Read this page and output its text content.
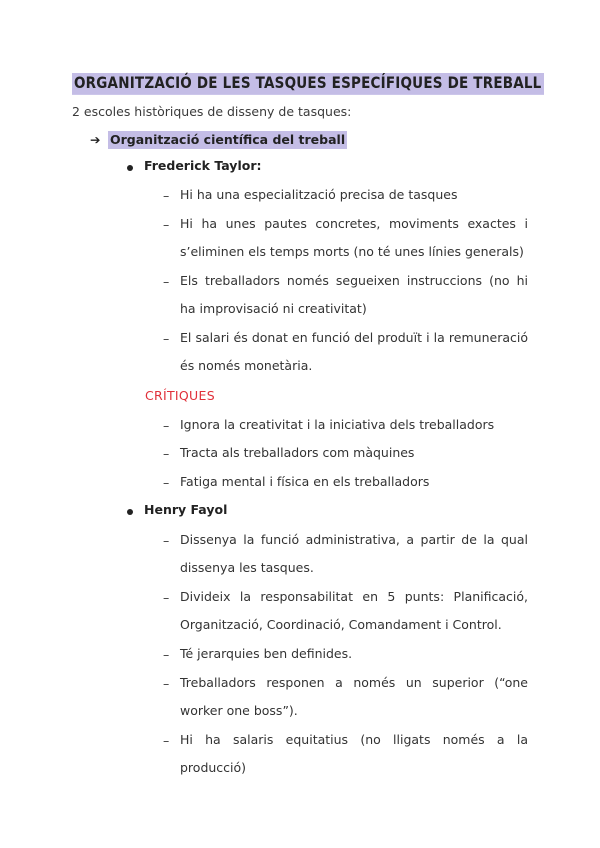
ORGANITZACIÓ DE LES TASQUES ESPECÍFIQUES DE TREBALL
2 escoles històriques de disseny de tasques:
➔ Organització científica del treball
Frederick Taylor:
– Hi ha una especialització precisa de tasques
– Hi ha unes pautes concretes, moviments exactes i s’eliminen els temps morts (no té unes línies generals)
– Els treballadors només segueixen instruccions (no hi ha improvisació ni creativitat)
– El salari és donat en funció del produït i la remuneració és només monetària.
CRÍTIQUES
– Ignora la creativitat i la iniciativa dels treballadors
– Tracta als treballadors com màquines
– Fatiga mental i física en els treballadors
Henry Fayol
– Dissenya la funció administrativa, a partir de la qual dissenya les tasques.
– Divideix la responsabilitat en 5 punts: Planificació, Organització, Coordinació, Comandament i Control.
– Té jerarquies ben definides.
– Treballadors responen a només un superior (“one worker one boss”).
– Hi ha salaris equitatius (no lligats només a la producció)
